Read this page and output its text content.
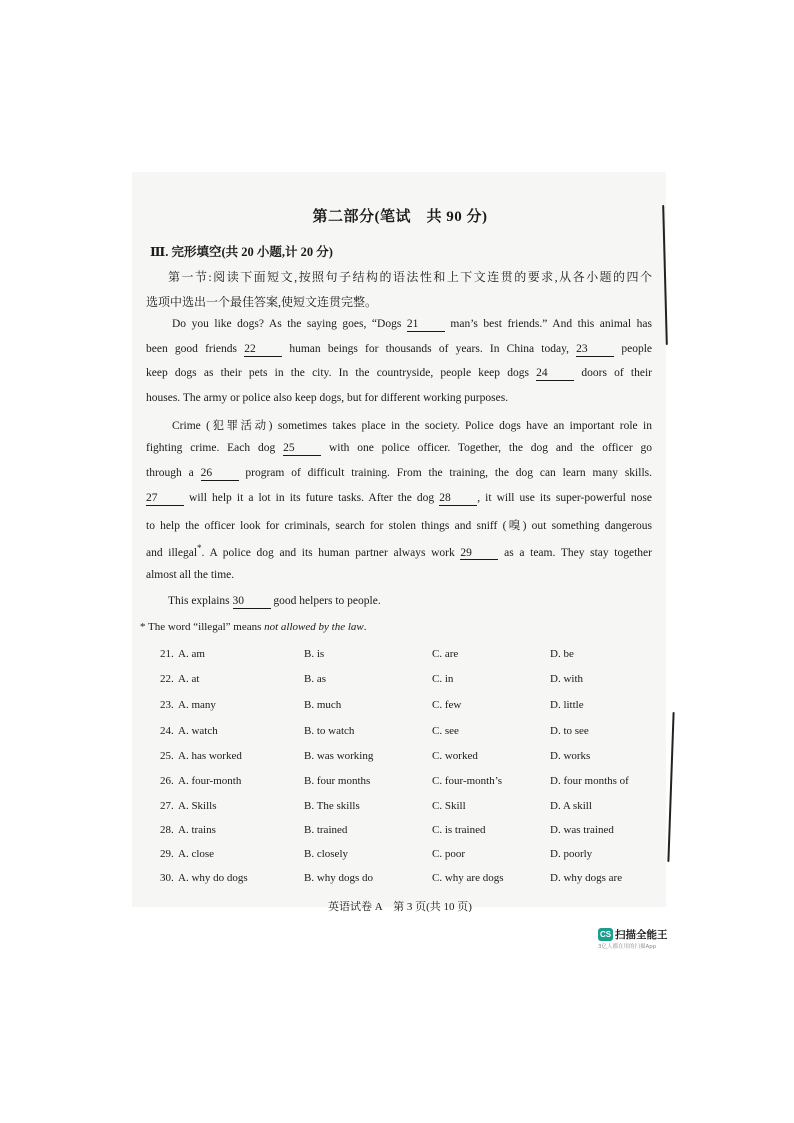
第二部分(笔试　共 90 分)
Ⅲ. 完形填空(共 20 小题,计 20 分)
第一节:阅读下面短文,按照句子结构的语法性和上下文连贯的要求,从各小题的四个
选项中选出一个最佳答案,使短文连贯完整。
Do you like dogs? As the saying goes, “Dogs 21 man’s best friends.” And this animal has
been good friends 22 human beings for thousands of years. In China today, 23 people
keep dogs as their pets in the city. In the countryside, people keep dogs 24 doors of their
houses. The army or police also keep dogs, but for different working purposes.
Crime (犯罪活动) sometimes takes place in the society. Police dogs have an important role in
fighting crime. Each dog 25 with one police officer. Together, the dog and the officer go
through a 26 program of difficult training. From the training, the dog can learn many skills.
27 will help it a lot in its future tasks. After the dog 28 , it will use its super-powerful nose
to help the officer look for criminals, search for stolen things and sniff (嗅) out something dangerous
and illegal*. A police dog and its human partner always work 29 as a team. They stay together
almost all the time.
This explains 30 good helpers to people.
* The word “illegal” means not allowed by the law.
21. A. am	B. is	C. are	D. be
22. A. at	B. as	C. in	D. with
23. A. many	B. much	C. few	D. little
24. A. watch	B. to watch	C. see	D. to see
25. A. has worked	B. was working	C. worked	D. works
26. A. four-month	B. four months	C. four-month’s	D. four months of
27. A. Skills	B. The skills	C. Skill	D. A skill
28. A. trains	B. trained	C. is trained	D. was trained
29. A. close	B. closely	C. poor	D. poorly
30. A. why do dogs	B. why dogs do	C. why are dogs	D. why dogs are
英语试卷 A　第 3 页(共 10 页)
CS 扫描全能王
3亿人都在用的扫描App
